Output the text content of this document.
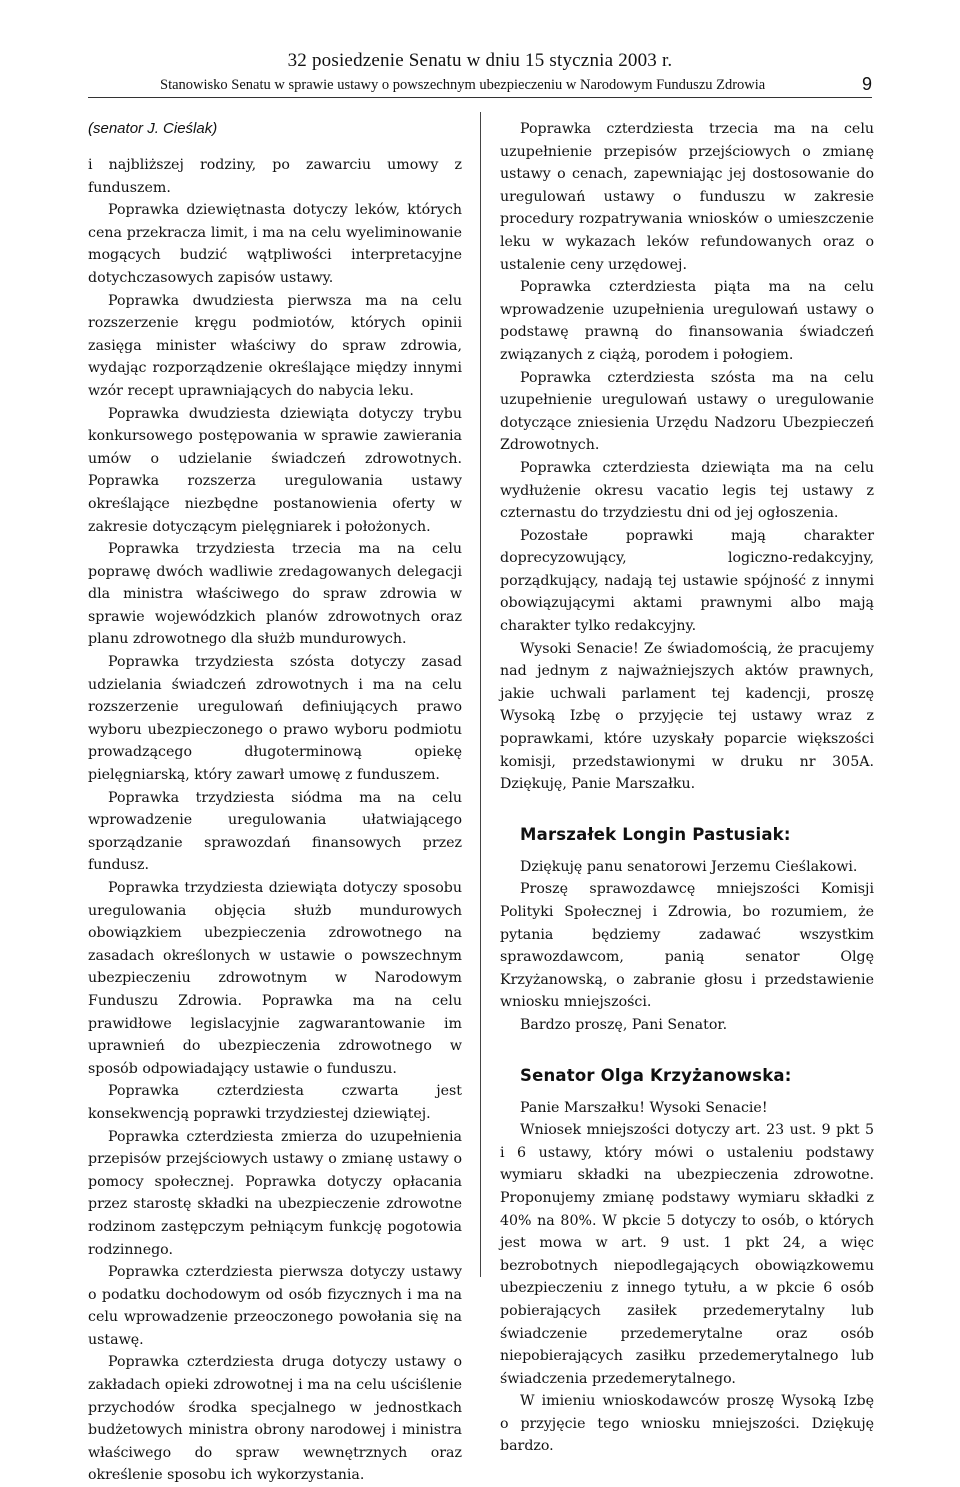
32 posiedzenie Senatu w dniu 15 stycznia 2003 r.
Stanowisko Senatu w sprawie ustawy o powszechnym ubezpieczeniu w Narodowym Funduszu Zdrowia	9
(senator J. Cieślak)

i najbliższej rodziny, po zawarciu umowy z funduszem.

Poprawka dziewiętnasta dotyczy leków, których cena przekracza limit, i ma na celu wyeliminowanie mogących budzić wątpliwości interpretacyjne dotychczasowych zapisów ustawy.

Poprawka dwudziesta pierwsza ma na celu rozszerzenie kręgu podmiotów, których opinii zasięga minister właściwy do spraw zdrowia, wydając rozporządzenie określające między innymi wzór recept uprawniających do nabycia leku.

Poprawka dwudziesta dziewiąta dotyczy trybu konkursowego postępowania w sprawie zawierania umów o udzielanie świadczeń zdrowotnych. Poprawka rozszerza uregulowania ustawy określające niezbędne postanowienia oferty w zakresie dotyczącym pielęgniarek i położonych.

Poprawka trzydziesta trzecia ma na celu poprawę dwóch wadliwie zredagowanych delegacji dla ministra właściwego do spraw zdrowia w sprawie wojewódzkich planów zdrowotnych oraz planu zdrowotnego dla służb mundurowych.

Poprawka trzydziesta szósta dotyczy zasad udzielania świadczeń zdrowotnych i ma na celu rozszerzenie uregulowań definiujących prawo wyboru ubezpieczonego o prawo wyboru podmiotu prowadzącego długoterminową opiekę pielęgniarską, który zawarł umowę z funduszem.

Poprawka trzydziesta siódma ma na celu wprowadzenie uregulowania ułatwiającego sporządzanie sprawozdań finansowych przez fundusz.

Poprawka trzydziesta dziewiąta dotyczy sposobu uregulowania objęcia służb mundurowych obowiązkiem ubezpieczenia zdrowotnego na zasadach określonych w ustawie o powszechnym ubezpieczeniu zdrowotnym w Narodowym Funduszu Zdrowia. Poprawka ma na celu prawidłowe legislacyjnie zagwarantowanie im uprawnień do ubezpieczenia zdrowotnego w sposób odpowiadający ustawie o funduszu.

Poprawka czterdziesta czwarta jest konsekwencją poprawki trzydziestej dziewiątej.

Poprawka czterdziesta zmierza do uzupełnienia przepisów przejściowych ustawy o zmianę ustawy o pomocy społecznej. Poprawka dotyczy opłacania przez starostę składki na ubezpieczenie zdrowotne rodzinom zastępczym pełniącym funkcję pogotowia rodzinnego.

Poprawka czterdziesta pierwsza dotyczy ustawy o podatku dochodowym od osób fizycznych i ma na celu wprowadzenie przeoczonego powołania się na ustawę.

Poprawka czterdziesta druga dotyczy ustawy o zakładach opieki zdrowotnej i ma na celu uściślenie przychodów środka specjalnego w jednostkach budżetowych ministra obrony narodowej i ministra właściwego do spraw wewnętrznych oraz określenie sposobu ich wykorzystania.

Poprawka czterdziesta trzecia ma na celu uzupełnienie przepisów przejściowych o zmianę ustawy o cenach, zapewniając jej dostosowanie do uregulowań ustawy o funduszu w zakresie procedury rozpatrywania wniosków o umieszczenie leku w wykazach leków refundowanych oraz o ustalenie ceny urzędowej.

Poprawka czterdziesta piąta ma na celu wprowadzenie uzupełnienia uregulowań ustawy o podstawę prawną do finansowania świadczeń związanych z ciążą, porodem i połogiem.

Poprawka czterdziesta szósta ma na celu uzupełnienie uregulowań ustawy o uregulowanie dotyczące zniesienia Urzędu Nadzoru Ubezpieczeń Zdrowotnych.

Poprawka czterdziesta dziewiąta ma na celu wydłużenie okresu vacatio legis tej ustawy z czternastu do trzydziestu dni od jej ogłoszenia.

Pozostałe poprawki mają charakter doprecyzowujący, logiczno-redakcyjny, porządkujący, nadają tej ustawie spójność z innymi obowiązującymi aktami prawnymi albo mają charakter tylko redakcyjny.

Wysoki Senacie! Ze świadomością, że pracujemy nad jednym z najważniejszych aktów prawnych, jakie uchwali parlament tej kadencji, proszę Wysoką Izbę o przyjęcie tej ustawy wraz z poprawkami, które uzyskały poparcie większości komisji, przedstawionymi w druku nr 305A. Dziękuję, Panie Marszałku.

Marszałek Longin Pastusiak:

Dziękuję panu senatorowi Jerzemu Cieślakowi.

Proszę sprawozdawcę mniejszości Komisji Polityki Społecznej i Zdrowia, bo rozumiem, że pytania będziemy zadawać wszystkim sprawozdawcom, panią senator Olgę Krzyżanowską, o zabranie głosu i przedstawienie wniosku mniejszości.

Bardzo proszę, Pani Senator.

Senator Olga Krzyżanowska:

Panie Marszałku! Wysoki Senacie!

Wniosek mniejszości dotyczy art. 23 ust. 9 pkt 5 i 6 ustawy, który mówi o ustaleniu podstawy wymiaru składki na ubezpieczenia zdrowotne. Proponujemy zmianę podstawy wymiaru składki z 40% na 80%. W pkcie 5 dotyczy to osób, o których jest mowa w art. 9 ust. 1 pkt 24, a więc bezrobotnych niepodlegających obowiązkowemu ubezpieczeniu z innego tytułu, a w pkcie 6 osób pobierających zasiłek przedemerytalny lub świadczenie przedemerytalne oraz osób niepobierających zasiłku przedemerytalnego lub świadczenia przedemerytalnego.

W imieniu wnioskodawców proszę Wysoką Izbę o przyjęcie tego wniosku mniejszości. Dziękuję bardzo.
